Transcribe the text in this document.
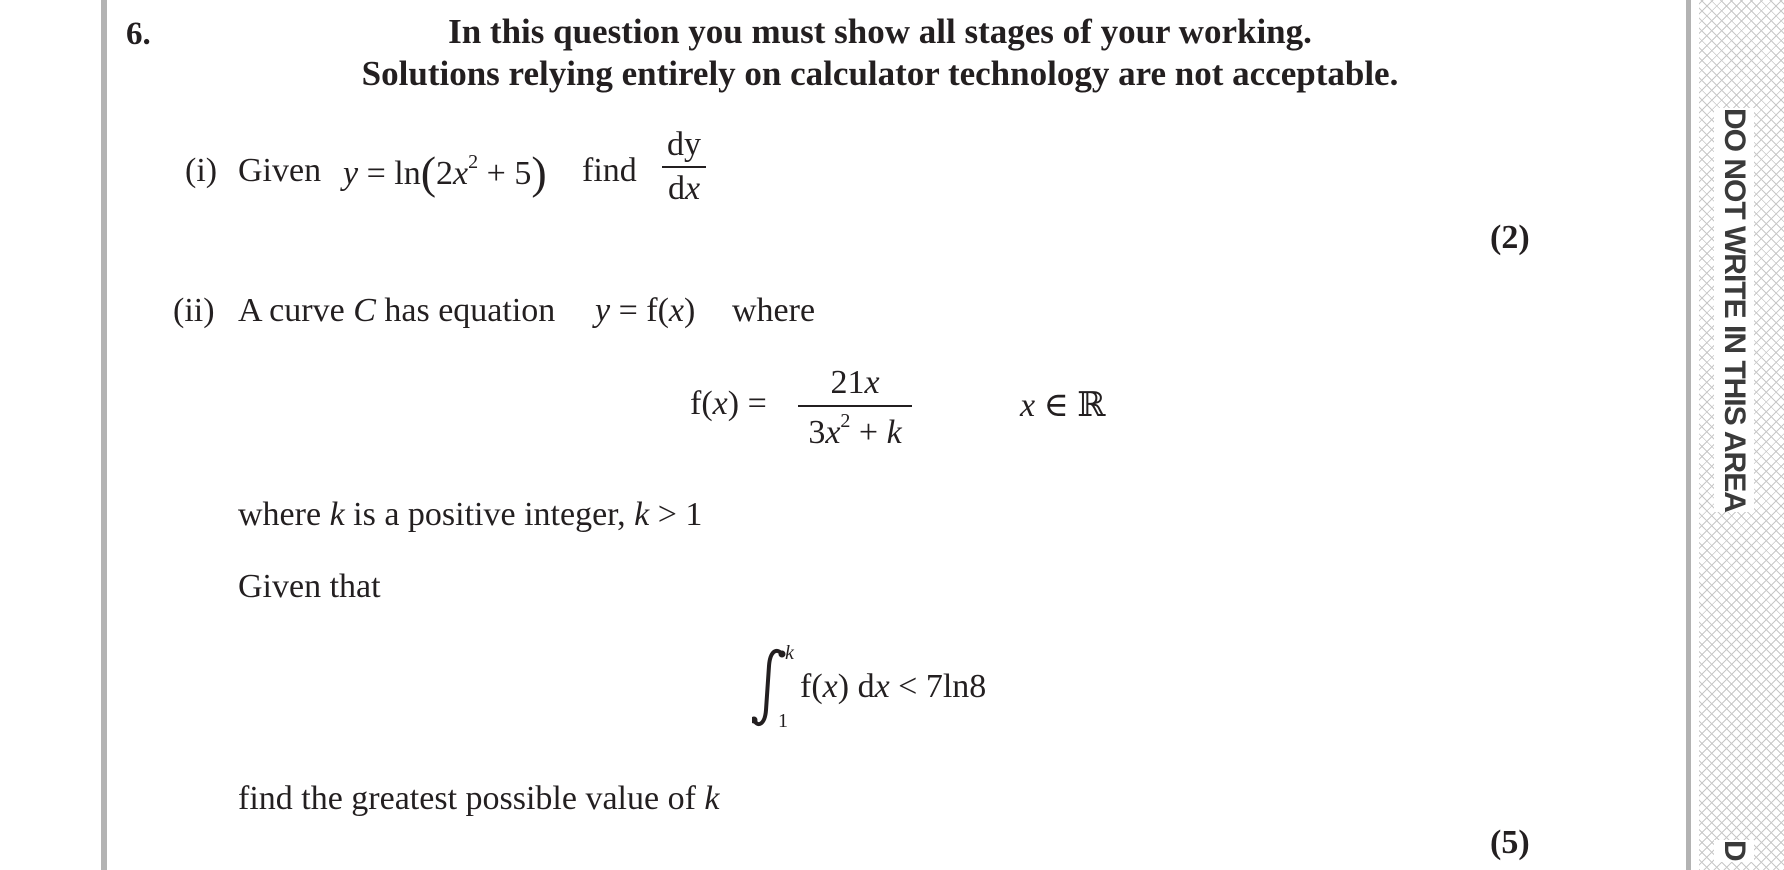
DO NOT WRITE IN THIS AREA
D
6.	In this question you must show all stages of your working.
Solutions relying entirely on calculator technology are not acceptable.
(i) Given $y = \ln(2x^2 + 5)$ find
dy
dx
(2)
(ii) A curve C has equation y = f(x) where
f(x) =
21x
$3x^2 + k$
x ∈ ℝ
where k is a positive integer, k > 1
Given that
k
1
f(x) dx < 7ln8
find the greatest possible value of k
(5)
